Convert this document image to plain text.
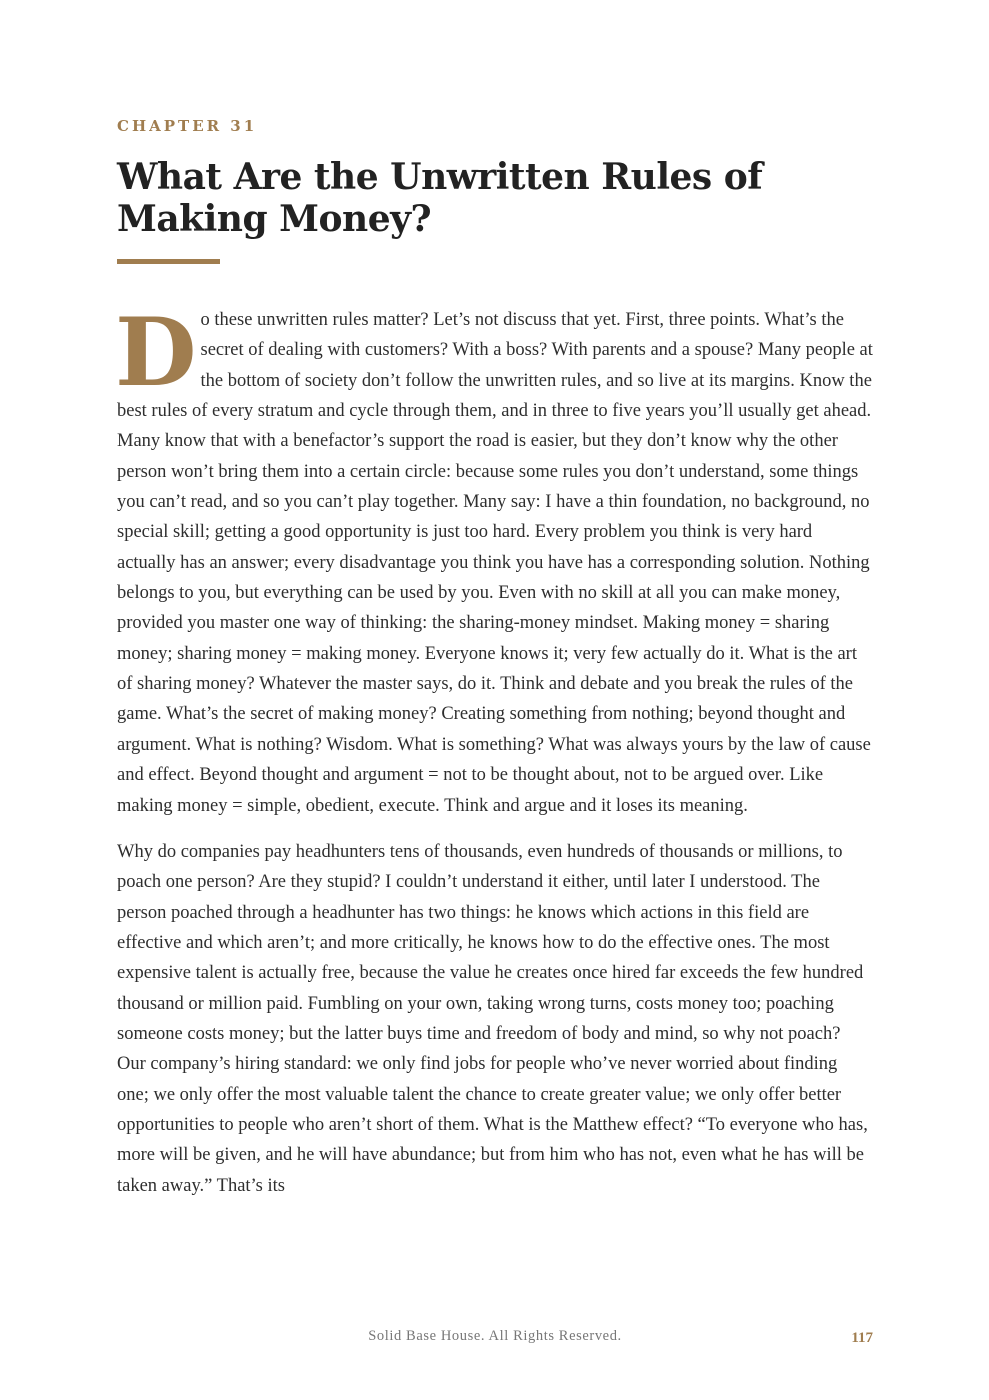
CHAPTER 31
What Are the Unwritten Rules of Making Money?

Do these unwritten rules matter? Let’s not discuss that yet. First, three points. What’s the secret of dealing with customers? With a boss? With parents and a spouse? Many people at the bottom of society don’t follow the unwritten rules, and so live at its margins. Know the best rules of every stratum and cycle through them, and in three to five years you’ll usually get ahead. Many know that with a benefactor’s support the road is easier, but they don’t know why the other person won’t bring them into a certain circle: because some rules you don’t understand, some things you can’t read, and so you can’t play together. Many say: I have a thin foundation, no background, no special skill; getting a good opportunity is just too hard. Every problem you think is very hard actually has an answer; every disadvantage you think you have has a corresponding solution. Nothing belongs to you, but everything can be used by you. Even with no skill at all you can make money, provided you master one way of thinking: the sharing-money mindset. Making money = sharing money; sharing money = making money. Everyone knows it; very few actually do it. What is the art of sharing money? Whatever the master says, do it. Think and debate and you break the rules of the game. What’s the secret of making money? Creating something from nothing; beyond thought and argument. What is nothing? Wisdom. What is something? What was always yours by the law of cause and effect. Beyond thought and argument = not to be thought about, not to be argued over. Like making money = simple, obedient, execute. Think and argue and it loses its meaning.

Why do companies pay headhunters tens of thousands, even hundreds of thousands or millions, to poach one person? Are they stupid? I couldn’t understand it either, until later I understood. The person poached through a headhunter has two things: he knows which actions in this field are effective and which aren’t; and more critically, he knows how to do the effective ones. The most expensive talent is actually free, because the value he creates once hired far exceeds the few hundred thousand or million paid. Fumbling on your own, taking wrong turns, costs money too; poaching someone costs money; but the latter buys time and freedom of body and mind, so why not poach? Our company’s hiring standard: we only find jobs for people who’ve never worried about finding one; we only offer the most valuable talent the chance to create greater value; we only offer better opportunities to people who aren’t short of them. What is the Matthew effect? “To everyone who has, more will be given, and he will have abundance; but from him who has not, even what he has will be taken away.” That’s its

Solid Base House. All Rights Reserved.	117
